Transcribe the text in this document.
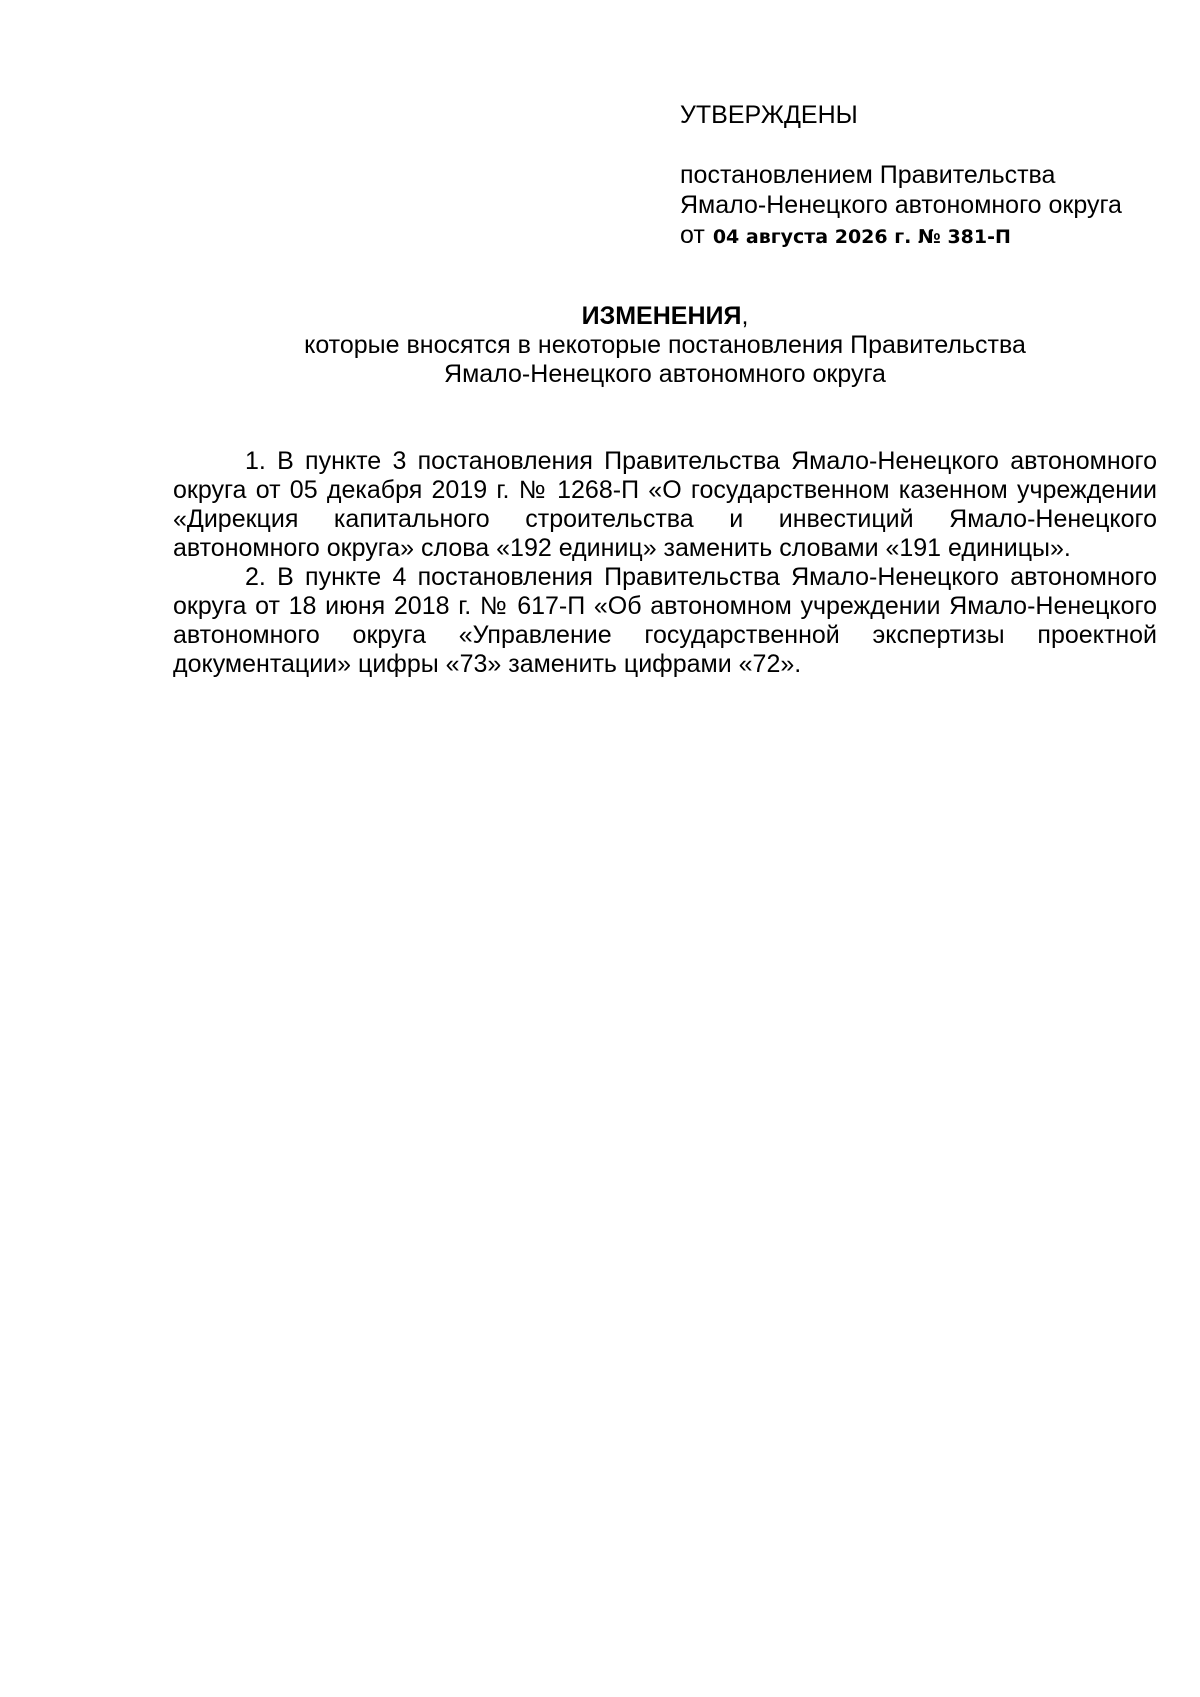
УТВЕРЖДЕНЫ

постановлением Правительства

Ямало-Ненецкого автономного округа

от 04 августа 2026 г. № 381-П

ИЗМЕНЕНИЯ,

которые вносятся в некоторые постановления Правительства

Ямало-Ненецкого автономного округа

1. В пункте 3 постановления Правительства Ямало-Ненецкого автономного округа от 05 декабря 2019 г. № 1268-П «О государственном казенном учреждении «Дирекция капитального строительства и инвестиций Ямало-Ненецкого автономного округа» слова «192 единиц» заменить словами «191 единицы».

2. В пункте 4 постановления Правительства Ямало-Ненецкого автономного округа от 18 июня 2018 г. № 617-П «Об автономном учреждении Ямало-Ненецкого автономного округа «Управление государственной экспертизы проектной документации» цифры «73» заменить цифрами «72».
